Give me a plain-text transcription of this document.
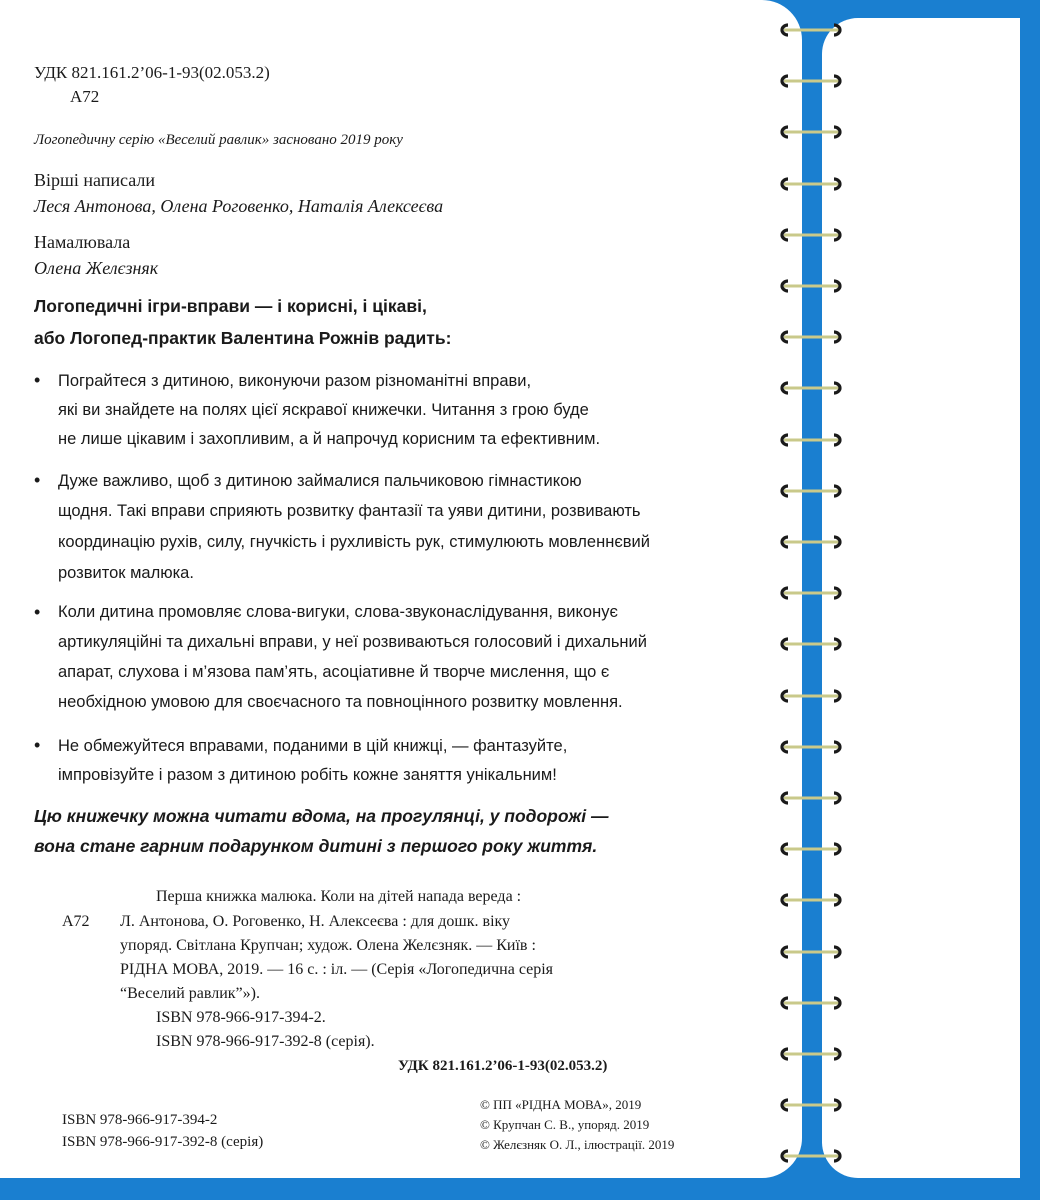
УДК 821.161.2’06-1-93(02.053.2)
А72
Логопедичну серію «Веселий равлик» засновано 2019 року
Вірші написали
Леся Антонова, Олена Роговенко, Наталія Алексеєва
Намалювала
Олена Желєзняк
Логопедичні ігри-вправи — і корисні, і цікаві,
або Логопед-практик Валентина Рожнів радить:
• Пограйтеся з дитиною, виконуючи разом різноманітні вправи,
які ви знайдете на полях цієї яскравої книжечки. Читання з грою буде
не лише цікавим і захопливим, а й напрочуд корисним та ефективним.
• Дуже важливо, щоб з дитиною займалися пальчиковою гімнастикою
щодня. Такі вправи сприяють розвитку фантазії та уяви дитини, розвивають
координацію рухів, силу, гнучкість і рухливість рук, стимулюють мовленнєвий
розвиток малюка.
• Коли дитина промовляє слова-вигуки, слова-звуконаслідування, виконує
артикуляційні та дихальні вправи, у неї розвиваються голосовий і дихальний
апарат, слухова і м’язова пам’ять, асоціативне й творче мислення, що є
необхідною умовою для своєчасного та повноцінного розвитку мовлення.
• Не обмежуйтеся вправами, поданими в цій книжці, — фантазуйте,
імпровізуйте і разом з дитиною робіть кожне заняття унікальним!
Цю книжечку можна читати вдома, на прогулянці, у подорожі —
вона стане гарним подарунком дитині з першого року життя.
А72
Перша книжка малюка. Коли на дітей напада вереда :
Л. Антонова, О. Роговенко, Н. Алексеєва : для дошк. віку
упоряд. Світлана Крупчан; худож. Олена Желєзняк. — Київ :
РІДНА МОВА, 2019. — 16 с. : іл. — (Серія «Логопедична серія
“Веселий равлик”»).
ISBN 978-966-917-394-2.
ISBN 978-966-917-392-8 (серія).
УДК 821.161.2’06-1-93(02.053.2)
ISBN 978-966-917-394-2
ISBN 978-966-917-392-8 (серія)
© ПП «РІДНА МОВА», 2019
© Крупчан С. В., упоряд. 2019
© Желєзняк О. Л., ілюстрації. 2019
